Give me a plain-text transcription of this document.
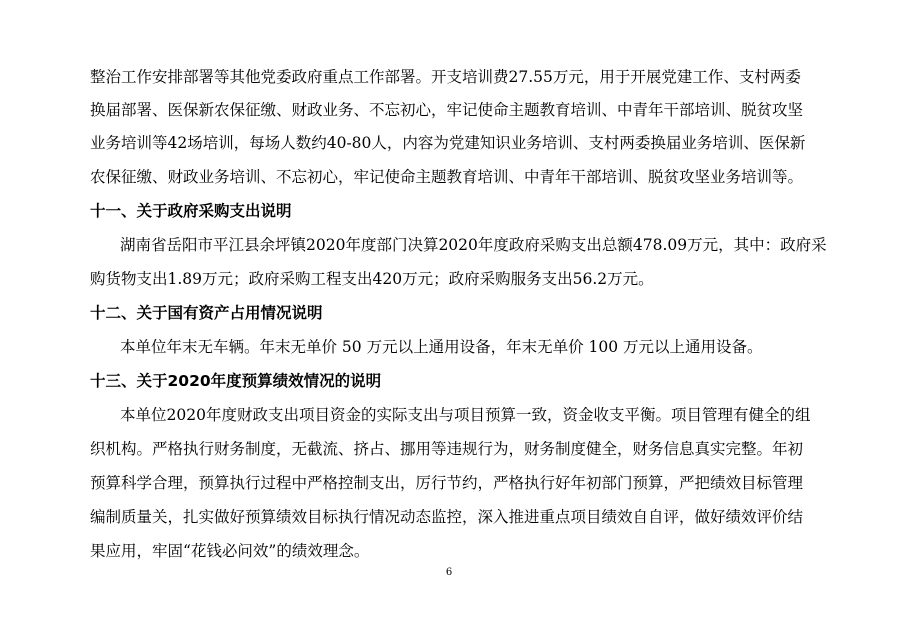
整治工作安排部署等其他党委政府重点工作部署。开支培训费27.55万元，用于开展党建工作、支村两委
换届部署、医保新农保征缴、财政业务、不忘初心，牢记使命主题教育培训、中青年干部培训、脱贫攻坚
业务培训等42场培训，每场人数约40-80人，内容为党建知识业务培训、支村两委换届业务培训、医保新
农保征缴、财政业务培训、不忘初心，牢记使命主题教育培训、中青年干部培训、脱贫攻坚业务培训等。
十一、关于政府采购支出说明
湖南省岳阳市平江县余坪镇2020年度部门决算2020年度政府采购支出总额478.09万元，其中：政府采
购货物支出1.89万元；政府采购工程支出420万元；政府采购服务支出56.2万元。
十二、关于国有资产占用情况说明
本单位年末无车辆。年末无单价 50 万元以上通用设备，年末无单价 100 万元以上通用设备。
十三、关于2020年度预算绩效情况的说明
本单位2020年度财政支出项目资金的实际支出与项目预算一致，资金收支平衡。项目管理有健全的组
织机构。严格执行财务制度，无截流、挤占、挪用等违规行为，财务制度健全，财务信息真实完整。年初
预算科学合理，预算执行过程中严格控制支出，厉行节约，严格执行好年初部门预算，严把绩效目标管理
编制质量关，扎实做好预算绩效目标执行情况动态监控，深入推进重点项目绩效自自评，做好绩效评价结
果应用，牢固“花钱必问效”的绩效理念。
6
